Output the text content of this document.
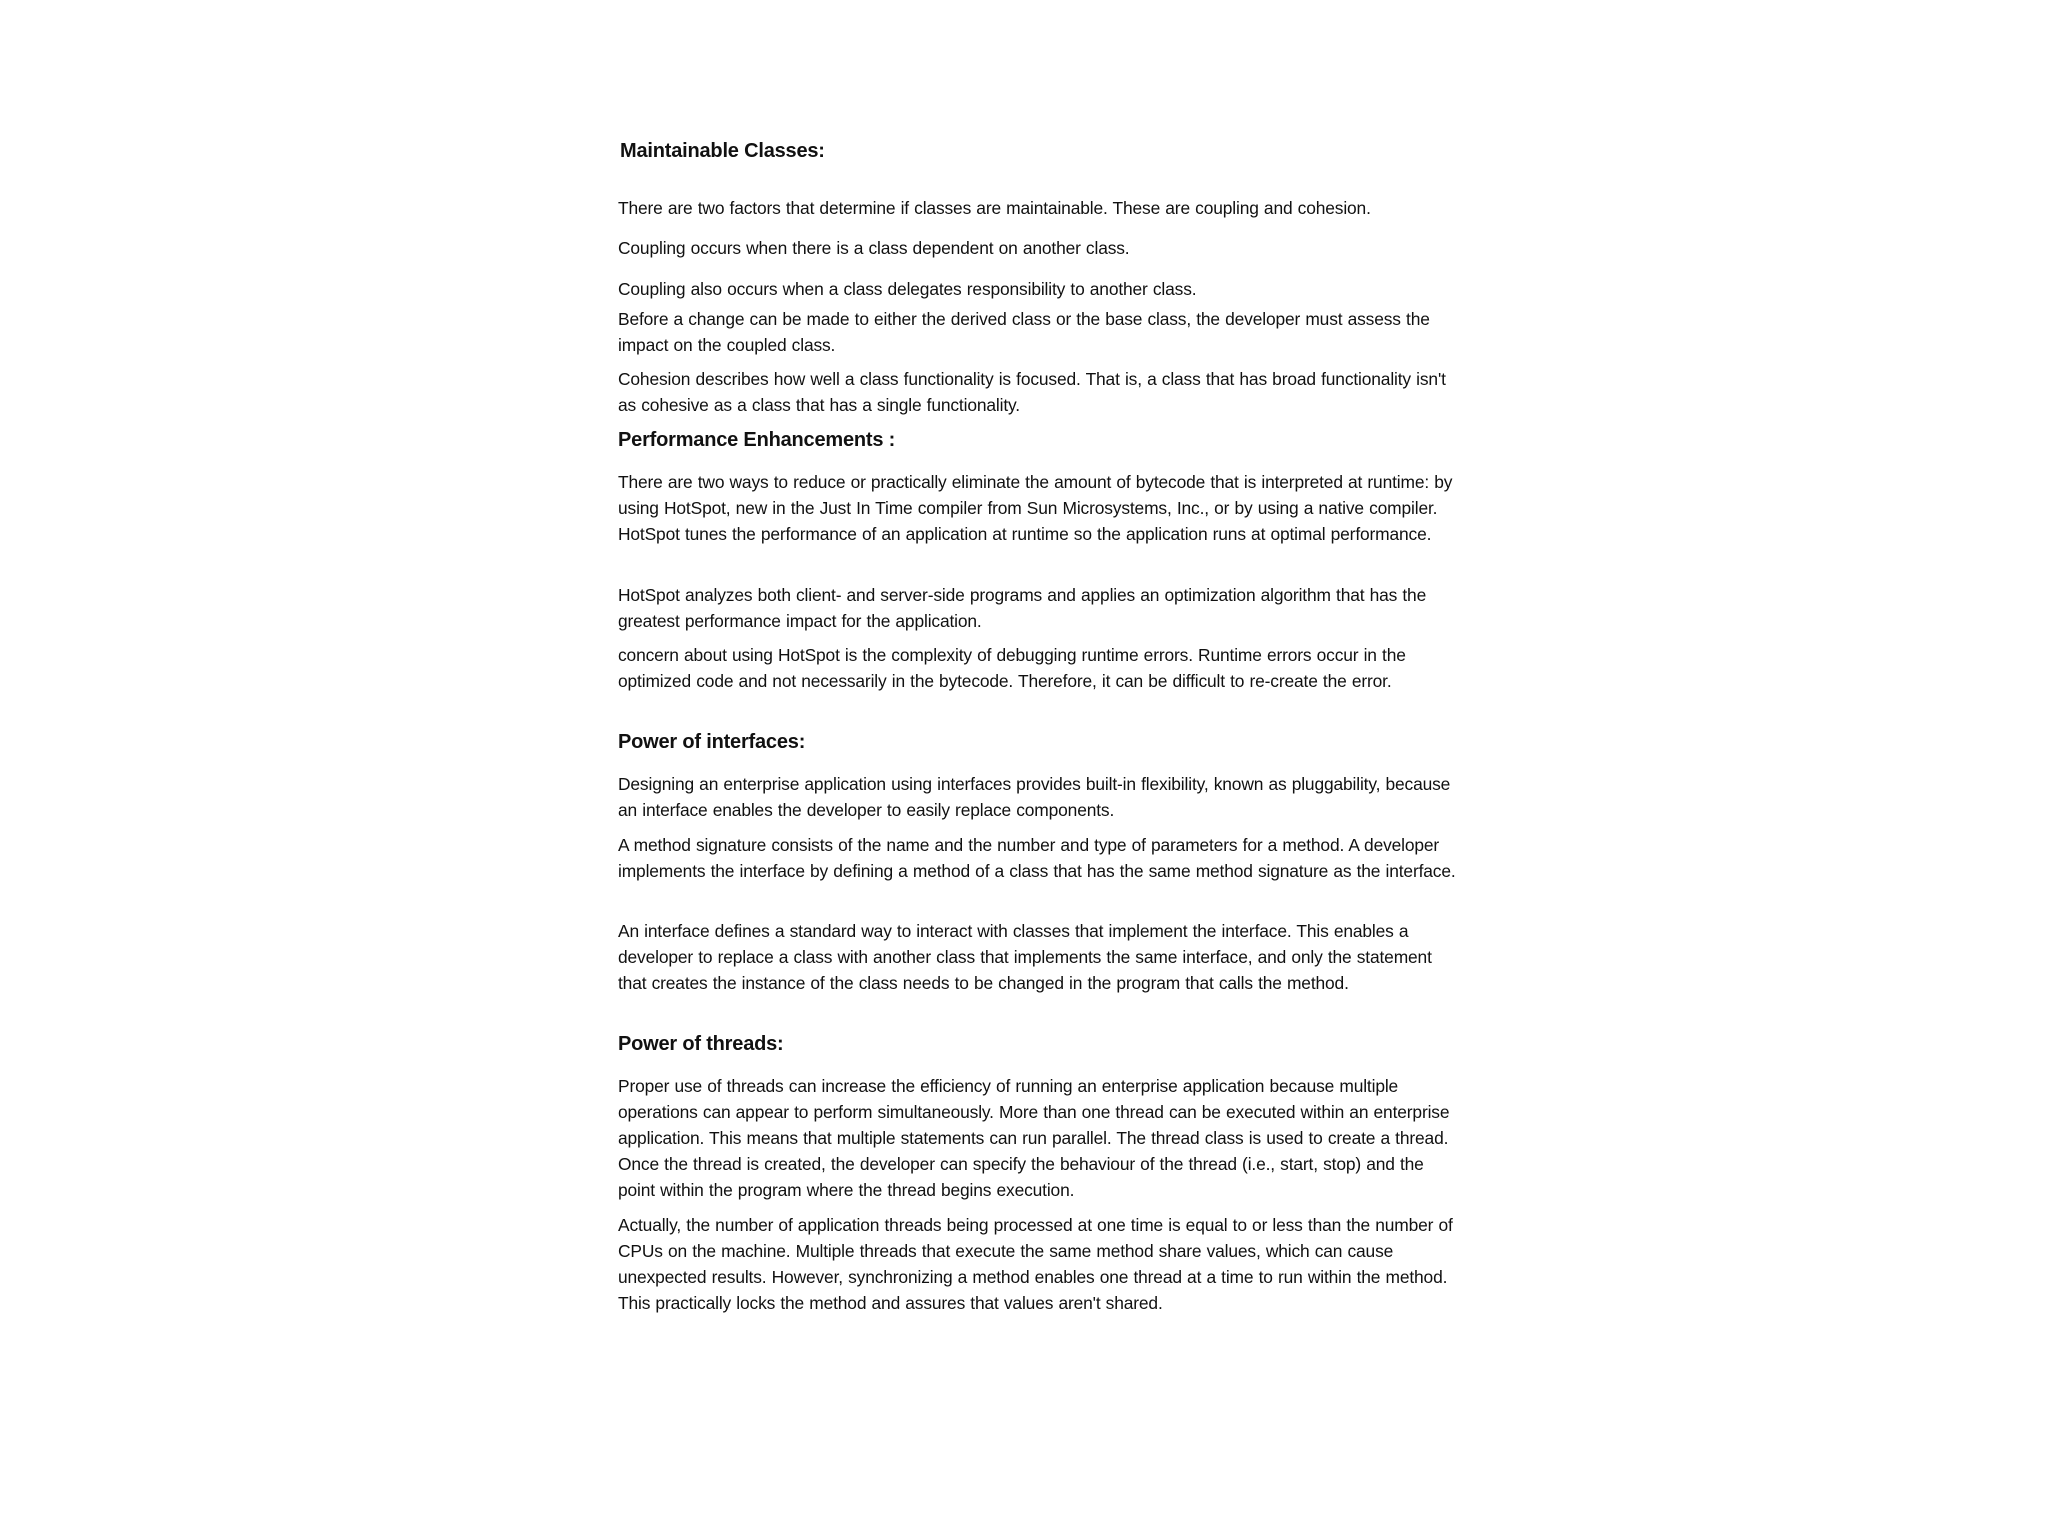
Maintainable Classes:

There are two factors that determine if classes are maintainable. These are coupling and cohesion.

Coupling occurs when there is a class dependent on another class.

Coupling also occurs when a class delegates responsibility to another class.

Before a change can be made to either the derived class or the base class, the developer must assess the impact on the coupled class.

Cohesion describes how well a class functionality is focused. That is, a class that has broad functionality isn't as cohesive as a class that has a single functionality.

Performance Enhancements :

There are two ways to reduce or practically eliminate the amount of bytecode that is interpreted at runtime: by using HotSpot, new in the Just In Time compiler from Sun Microsystems, Inc., or by using a native compiler. HotSpot tunes the performance of an application at runtime so the application runs at optimal performance.

HotSpot analyzes both client- and server-side programs and applies an optimization algorithm that has the greatest performance impact for the application.

concern about using HotSpot is the complexity of debugging runtime errors. Runtime errors occur in the optimized code and not necessarily in the bytecode. Therefore, it can be difficult to re-create the error.

Power of interfaces:

Designing an enterprise application using interfaces provides built-in flexibility, known as pluggability, because an interface enables the developer to easily replace components.

A method signature consists of the name and the number and type of parameters for a method. A developer implements the interface by defining a method of a class that has the same method signature as the interface.

An interface defines a standard way to interact with classes that implement the interface. This enables a developer to replace a class with another class that implements the same interface, and only the statement that creates the instance of the class needs to be changed in the program that calls the method.

Power of threads:

Proper use of threads can increase the efficiency of running an enterprise application because multiple operations can appear to perform simultaneously. More than one thread can be executed within an enterprise application. This means that multiple statements can run parallel. The thread class is used to create a thread. Once the thread is created, the developer can specify the behaviour of the thread (i.e., start, stop) and the point within the program where the thread begins execution.

Actually, the number of application threads being processed at one time is equal to or less than the number of CPUs on the machine. Multiple threads that execute the same method share values, which can cause unexpected results. However, synchronizing a method enables one thread at a time to run within the method. This practically locks the method and assures that values aren't shared.
